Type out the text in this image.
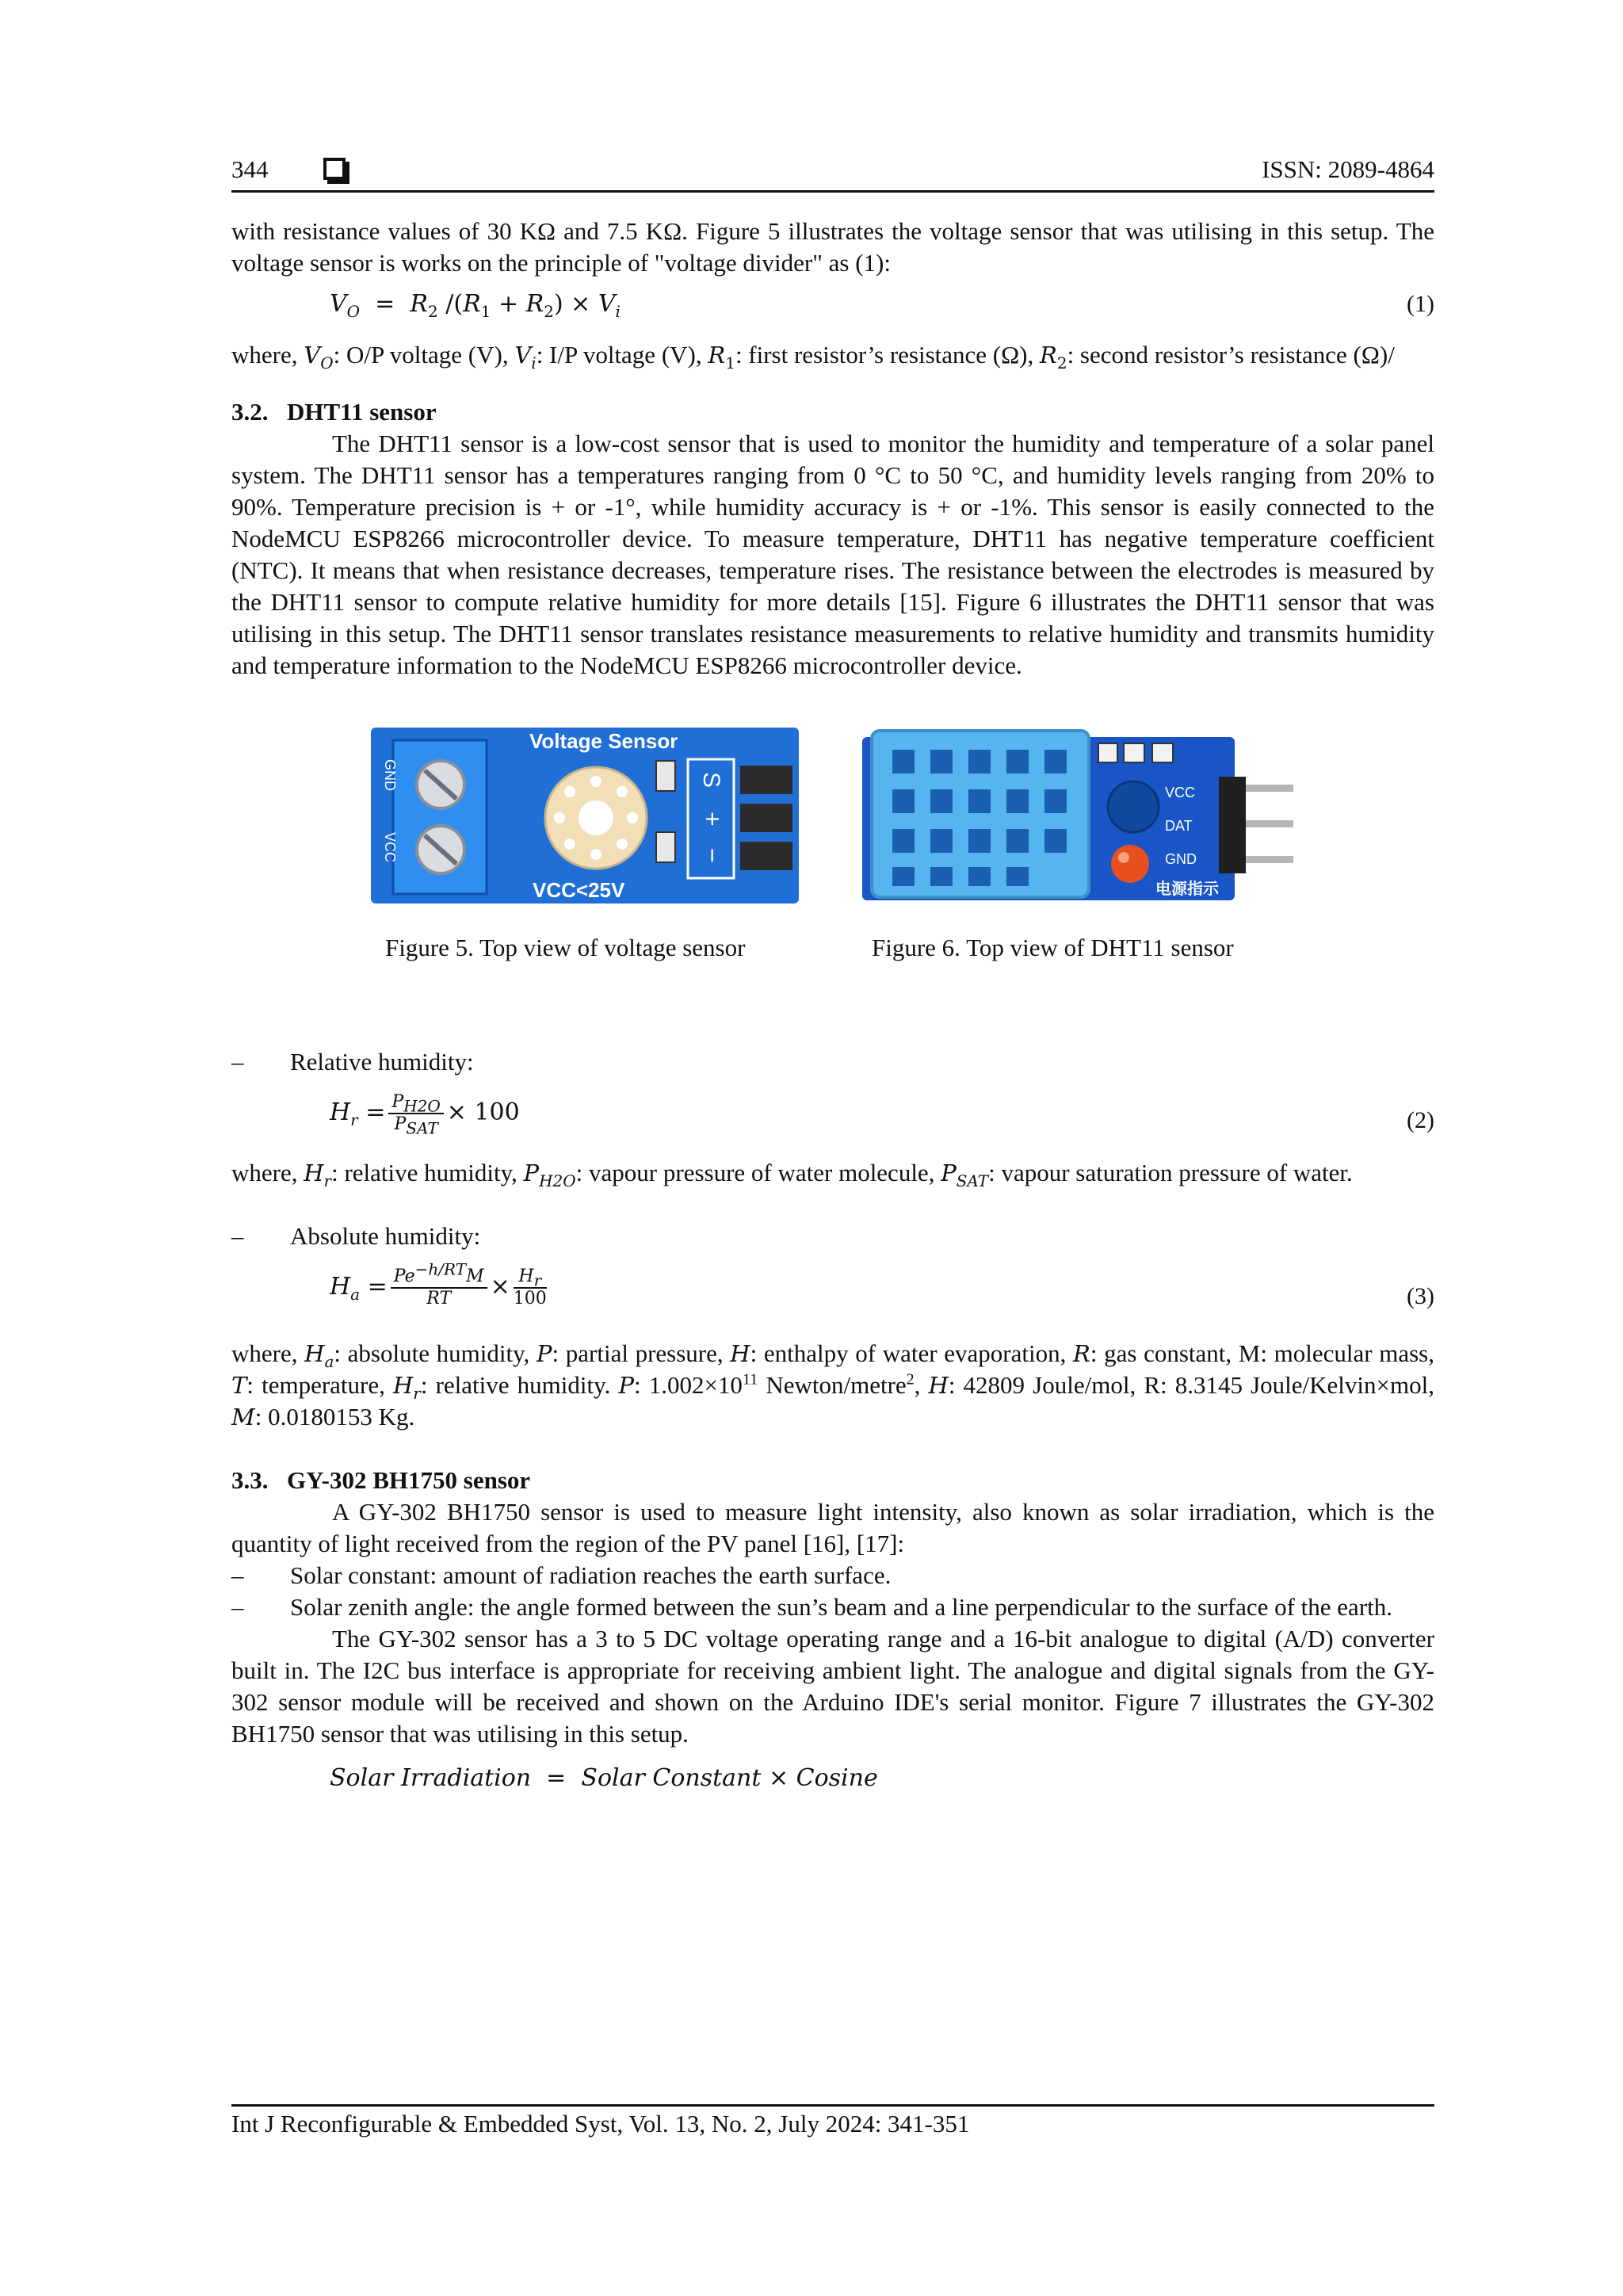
344	ISSN: 2089-4864

with resistance values of 30 KΩ and 7.5 KΩ. Figure 5 illustrates the voltage sensor that was utilising in this setup. The voltage sensor is works on the principle of "voltage divider" as (1):

$V_O = R_2$ $/(R_1 + R_2) \times V_i$	(1)

where, $V_O$: O/P voltage (V), $V_i$: I/P voltage (V), $R_1$: first resistor’s resistance (Ω), $R_2$: second resistor’s resistance (Ω)/

3.2. DHT11 sensor

The DHT11 sensor is a low-cost sensor that is used to monitor the humidity and temperature of a solar panel system. The DHT11 sensor has a temperatures ranging from 0 °C to 50 °C, and humidity levels ranging from 20% to 90%. Temperature precision is + or -1°, while humidity accuracy is + or -1%. This sensor is easily connected to the NodeMCU ESP8266 microcontroller device. To measure temperature, DHT11 has negative temperature coefficient (NTC). It means that when resistance decreases, temperature rises. The resistance between the electrodes is measured by the DHT11 sensor to compute relative humidity for more details [15]. Figure 6 illustrates the DHT11 sensor that was utilising in this setup. The DHT11 sensor translates resistance measurements to relative humidity and transmits humidity and temperature information to the NodeMCU ESP8266 microcontroller device.

Voltage Sensor
VCC<25V
GND
VCC
S
+
−
VCC
DAT
GND
电源指示
Figure 5. Top view of voltage sensor	Figure 6. Top view of DHT11 sensor

– Relative humidity:

$H_r = \frac{P_{H2O}}{P_{SAT}} \times 100$	(2)

where, $H_r$: relative humidity, $P_{H2O}$: vapour pressure of water molecule, $P_{SAT}$: vapour saturation pressure of water.

– Absolute humidity:

$H_a = \frac{Pe^{-h/RT}M}{RT} \times \frac{H_r}{100}$	(3)

where, $H_a$: absolute humidity, P: partial pressure, H: enthalpy of water evaporation, R: gas constant, M: molecular mass, T: temperature, $H_r$: relative humidity. P: $1.002\times 10^{11}$ Newton/metre$^2$, H: 42809 Joule/mol, R: 8.3145 Joule/Kelvin×mol, M: 0.0180153 Kg.

3.3. GY-302 BH1750 sensor

A GY-302 BH1750 sensor is used to measure light intensity, also known as solar irradiation, which is the quantity of light received from the region of the PV panel [16], [17]:

– Solar constant: amount of radiation reaches the earth surface.

– Solar zenith angle: the angle formed between the sun’s beam and a line perpendicular to the surface of the earth.

The GY-302 sensor has a 3 to 5 DC voltage operating range and a 16-bit analogue to digital (A/D) converter built in. The I2C bus interface is appropriate for receiving ambient light. The analogue and digital signals from the GY-302 sensor module will be received and shown on the Arduino IDE's serial monitor. Figure 7 illustrates the GY-302 BH1750 sensor that was utilising in this setup.

Solar Irradiation  =  Solar Constant × Cosine
Int J Reconfigurable & Embedded Syst, Vol. 13, No. 2, July 2024: 341-351
